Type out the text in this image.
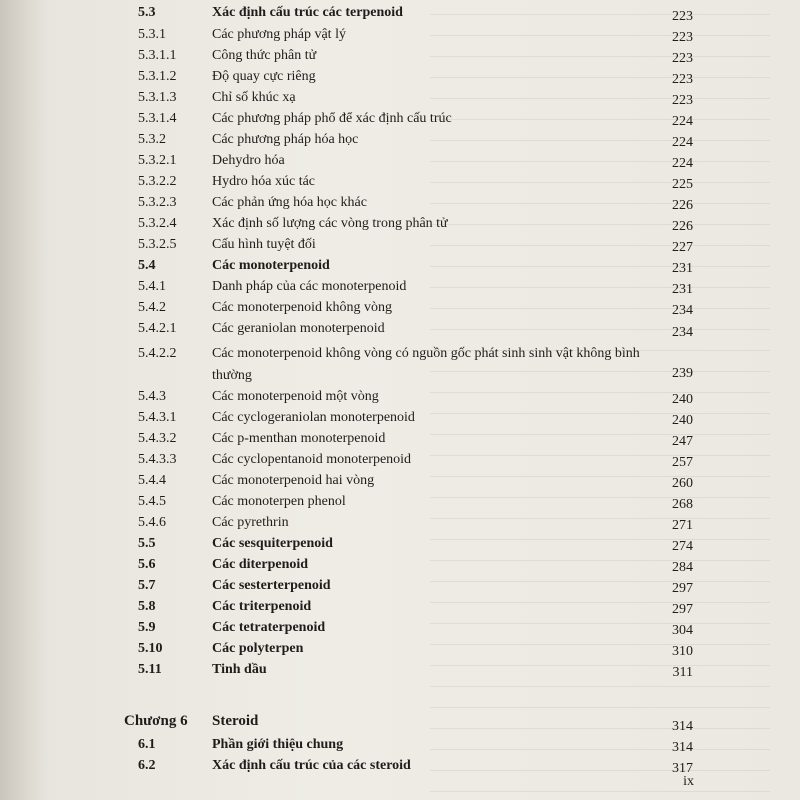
5.3	Xác định cấu trúc các terpenoid	223
5.3.1	Các phương pháp vật lý	223
5.3.1.1	Công thức phân tử	223
5.3.1.2	Độ quay cực riêng	223
5.3.1.3	Chỉ số khúc xạ	223
5.3.1.4	Các phương pháp phổ để xác định cấu trúc	224
5.3.2	Các phương pháp hóa học	224
5.3.2.1	Dehydro hóa	224
5.3.2.2	Hydro hóa xúc tác	225
5.3.2.3	Các phản ứng hóa học khác	226
5.3.2.4	Xác định số lượng các vòng trong phân tử	226
5.3.2.5	Cấu hình tuyệt đối	227
5.4	Các monoterpenoid	231
5.4.1	Danh pháp của các monoterpenoid	231
5.4.2	Các monoterpenoid không vòng	234
5.4.2.1	Các geraniolan monoterpenoid	234
5.4.2.2	Các monoterpenoid không vòng có nguồn gốc phát sinh sinh vật không bình thường	239
5.4.3	Các monoterpenoid một vòng	240
5.4.3.1	Các cyclogeraniolan monoterpenoid	240
5.4.3.2	Các p-menthan monoterpenoid	247
5.4.3.3	Các cyclopentanoid monoterpenoid	257
5.4.4	Các monoterpenoid hai vòng	260
5.4.5	Các monoterpen phenol	268
5.4.6	Các pyrethrin	271
5.5	Các sesquiterpenoid	274
5.6	Các diterpenoid	284
5.7	Các sesterterpenoid	297
5.8	Các triterpenoid	297
5.9	Các tetraterpenoid	304
5.10	Các polyterpen	310
5.11	Tinh dầu	311
Chương 6	Steroid	314
6.1	Phần giới thiệu chung	314
6.2	Xác định cấu trúc của các steroid	317
ix
